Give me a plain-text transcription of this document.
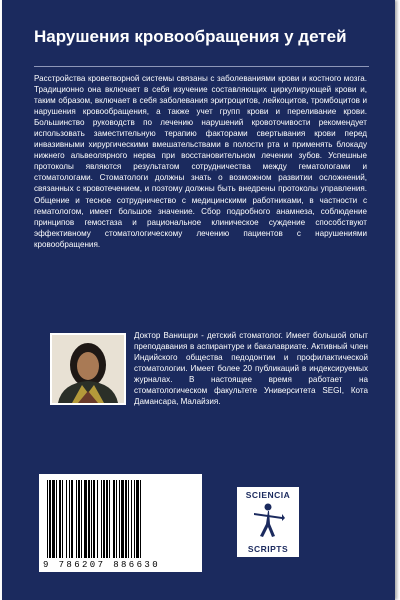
Нарушения кровообращения у детей

Расстройства кроветворной системы связаны с заболеваниями крови и костного мозга. Традиционно она включает в себя изучение составляющих циркулирующей крови и, таким образом, включает в себя заболевания эритроцитов, лейкоцитов, тромбоцитов и нарушения кровообращения, а также учет групп крови и переливание крови. Большинство руководств по лечению нарушений кровоточивости рекомендует использовать заместительную терапию факторами свертывания крови перед инвазивными хирургическими вмешательствами в полости рта и применять блокаду нижнего альвеолярного нерва при восстановительном лечении зубов. Успешные протоколы являются результатом сотрудничества между гематологами и стоматологами. Стоматологи должны знать о возможном развитии осложнений, связанных с кровотечением, и поэтому должны быть внедрены протоколы управления. Общение и тесное сотрудничество с медицинскими работниками, в частности с гематологом, имеет большое значение. Сбор подробного анамнеза, соблюдение принципов гемостаза и рациональное клиническое суждение способствуют эффективному стоматологическому лечению пациентов с нарушениями кровообращения.

Доктор Ванишри - детский стоматолог. Имеет большой опыт преподавания в аспирантуре и бакалавриате. Активный член Индийского общества педодонтии и профилактической стоматологии. Имеет более 20 публикаций в индексируемых журналах. В настоящее время работает на стоматологическом факультете Университета SEGI, Кота Дамансара, Малайзия.

9 786207 886630
SCIENCIA
SCRIPTS
